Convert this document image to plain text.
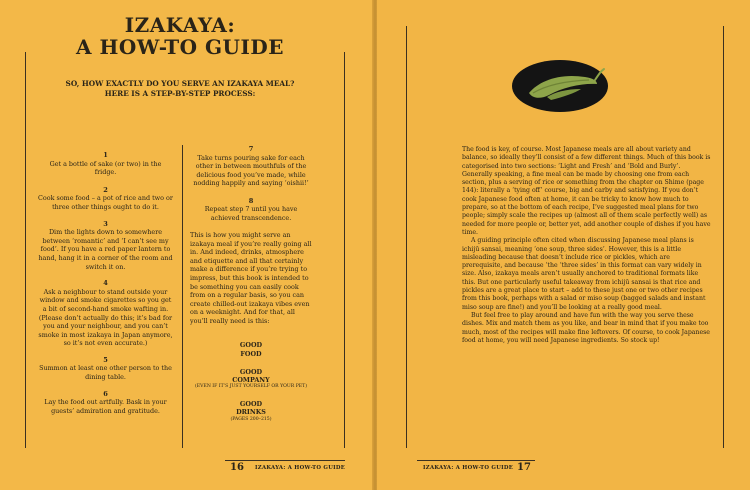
IZAKAYA:
A HOW-TO GUIDE
SO, HOW EXACTLY DO YOU SERVE AN IZAKAYA MEAL?
HERE IS A STEP-BY-STEP PROCESS:
1
Get a bottle of sake (or two) in the fridge.
2
Cook some food – a pot of rice and two or three other things ought to do it.
3
Dim the lights down to somewhere between ‘romantic’ and ‘I can’t see my food’. If you have a red paper lantern to hand, hang it in a corner of the room and switch it on.
4
Ask a neighbour to stand outside your window and smoke cigarettes so you get a bit of second-hand smoke wafting in. (Please don’t actually do this; it’s bad for you and your neighbour, and you can’t smoke in most izakaya in Japan anymore, so it’s not even accurate.)
5
Summon at least one other person to the dining table.
6
Lay the food out artfully. Bask in your guests’ admiration and gratitude.
7
Take turns pouring sake for each other in between mouthfuls of the delicious food you’ve made, while nodding happily and saying ‘oishii!’
8
Repeat step 7 until you have achieved transcendence.
This is how you might serve an izakaya meal if you’re really going all in. And indeed, drinks, atmosphere and etiquette and all that certainly make a difference if you’re trying to impress, but this book is intended to be something you can easily cook from on a regular basis, so you can create chilled-out izakaya vibes even on a weeknight. And for that, all you’ll really need is this:
GOOD
FOOD
GOOD
COMPANY
(EVEN IF IT’S JUST YOURSELF OR YOUR PET)
GOOD
DRINKS
(PAGES 200–215)
16 IZAKAYA: A HOW-TO GUIDE

The food is key, of course. Most Japanese meals are all about variety and balance, so ideally they’ll consist of a few different things. Much of this book is categorised into two sections: ‘Light and Fresh’ and ‘Bold and Burly’. Generally speaking, a fine meal can be made by choosing one from each section, plus a serving of rice or something from the chapter on Shime (page 144): literally a ‘tying off’ course, big and carby and satisfying. If you don’t cook Japanese food often at home, it can be tricky to know how much to prepare, so at the bottom of each recipe, I’ve suggested meal plans for two people; simply scale the recipes up (almost all of them scale perfectly well) as needed for more people or, better yet, add another couple of dishes if you have time.

A guiding principle often cited when discussing Japanese meal plans is ichijū sansai, meaning ‘one soup, three sides’. However, this is a little misleading because that doesn’t include rice or pickles, which are prerequisite, and because ‘the ‘three sides’ in this format can vary widely in size. Also, izakaya meals aren’t usually anchored to traditional formats like this. But one particularly useful takeaway from ichijū sansai is that rice and pickles are a great place to start – add to these just one or two other recipes from this book, perhaps with a salad or miso soup (bagged salads and instant miso soup are fine!) and you’ll be looking at a really good meal.

But feel free to play around and have fun with the way you serve these dishes. Mix and match them as you like, and bear in mind that if you make too much, most of the recipes will make fine leftovers. Of course, to cook Japanese food at home, you will need Japanese ingredients. So stock up!

IZAKAYA: A HOW-TO GUIDE 17
